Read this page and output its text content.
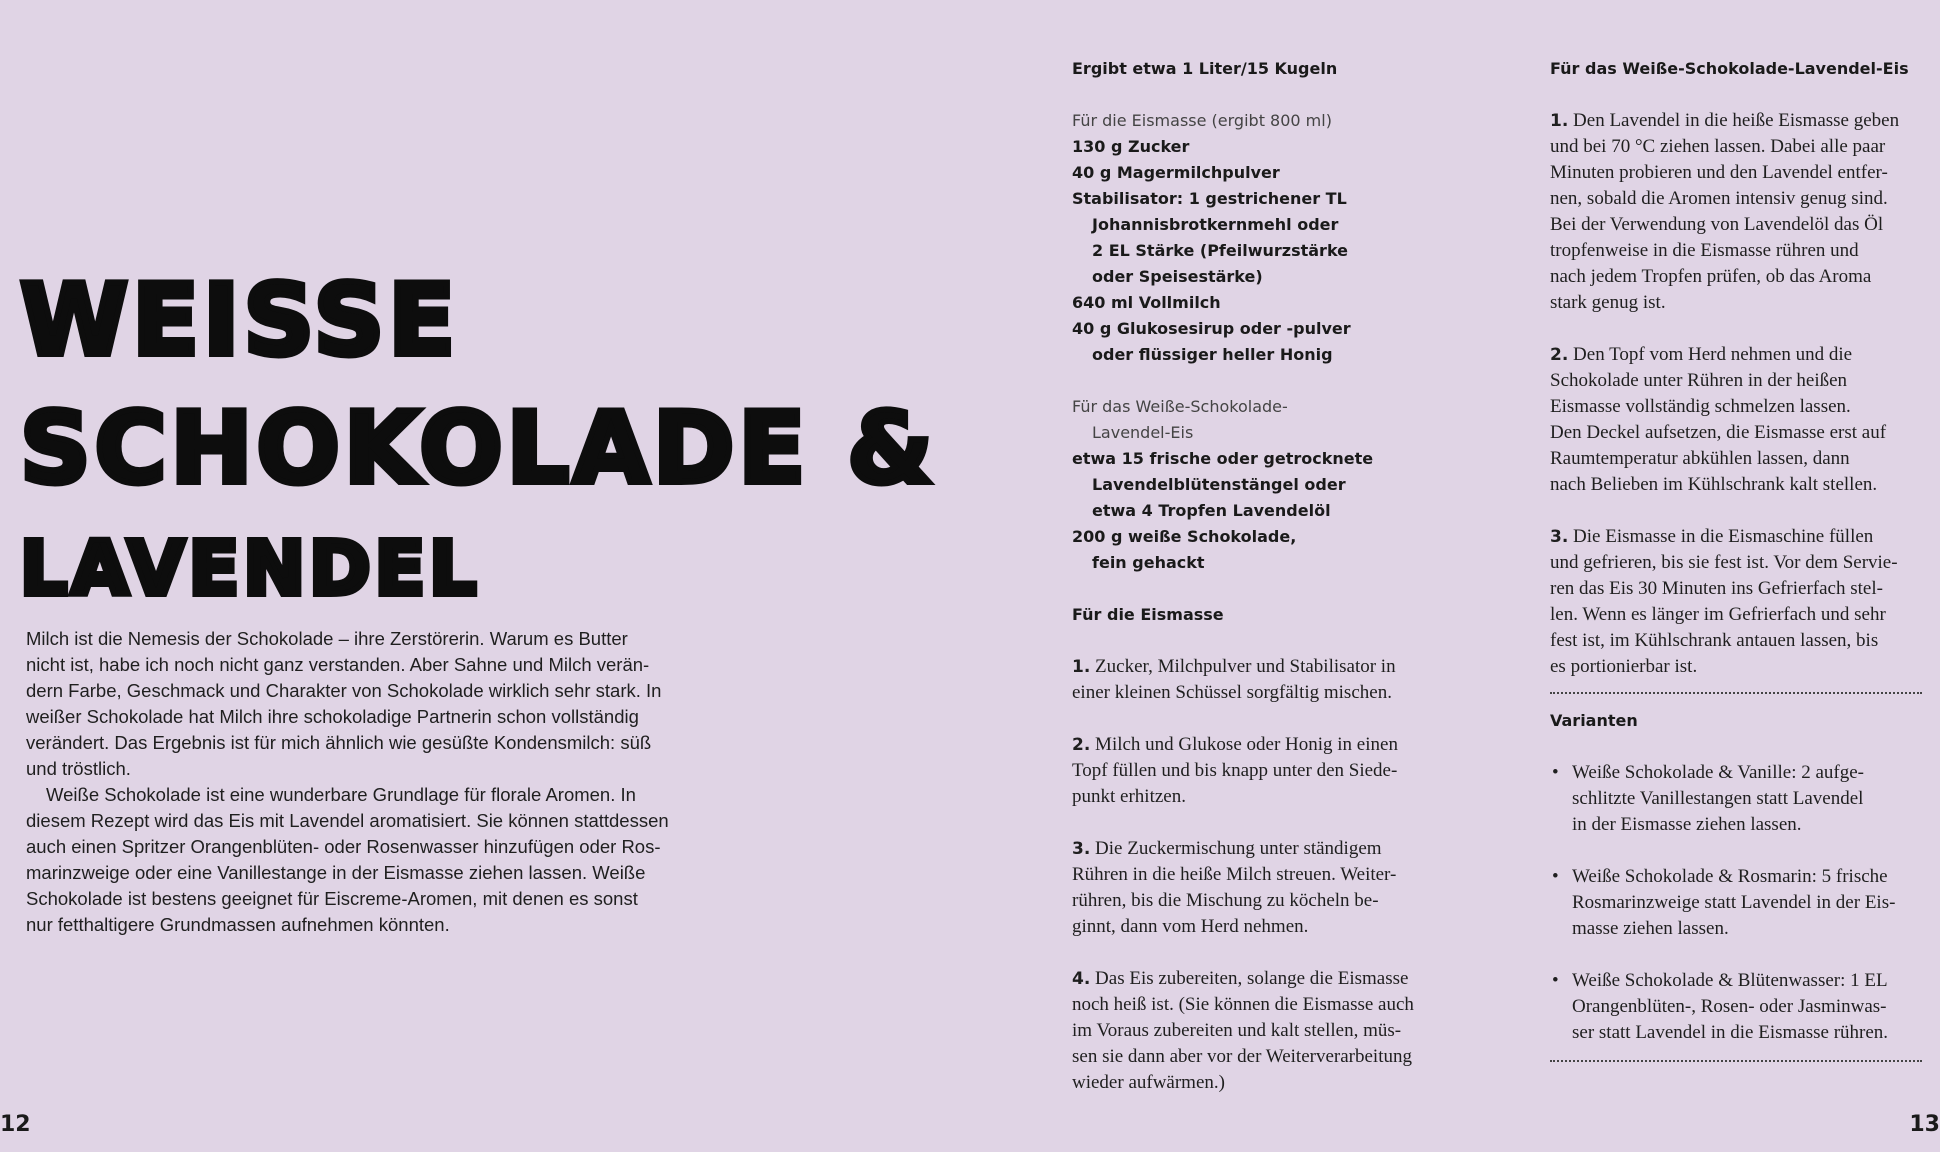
WEISSE
SCHOKOLADE &
LAVENDEL

Milch ist die Nemesis der Schokolade – ihre Zerstörerin. Warum es Butter
nicht ist, habe ich noch nicht ganz verstanden. Aber Sahne und Milch verän-
dern Farbe, Geschmack und Charakter von Schokolade wirklich sehr stark. In
weißer Schokolade hat Milch ihre schokoladige Partnerin schon vollständig
verändert. Das Ergebnis ist für mich ähnlich wie gesüßte Kondensmilch: süß
und tröstlich.

Weiße Schokolade ist eine wunderbare Grundlage für florale Aromen. In
diesem Rezept wird das Eis mit Lavendel aromatisiert. Sie können stattdessen
auch einen Spritzer Orangenblüten- oder Rosenwasser hinzufügen oder Ros-
marinzweige oder eine Vanillestange in der Eismasse ziehen lassen. Weiße
Schokolade ist bestens geeignet für Eiscreme-Aromen, mit denen es sonst
nur fetthaltigere Grundmassen aufnehmen könnten.

12
Ergibt etwa 1 Liter/15 Kugeln
Für die Eismasse (ergibt 800 ml)
130 g Zucker
40 g Magermilchpulver
Stabilisator: 1 gestrichener TL
Johannisbrotkernmehl oder
2 EL Stärke (Pfeilwurzstärke
oder Speisestärke)
640 ml Vollmilch
40 g Glukosesirup oder -pulver
oder flüssiger heller Honig
Für das Weiße-Schokolade-
Lavendel-Eis
etwa 15 frische oder getrocknete
Lavendelblütenstängel oder
etwa 4 Tropfen Lavendelöl
200 g weiße Schokolade,
fein gehackt
Für die Eismasse

1. Zucker, Milchpulver und Stabilisator in
einer kleinen Schüssel sorgfältig mischen.

2. Milch und Glukose oder Honig in einen
Topf füllen und bis knapp unter den Siede-
punkt erhitzen.

3. Die Zuckermischung unter ständigem
Rühren in die heiße Milch streuen. Weiter-
rühren, bis die Mischung zu köcheln be-
ginnt, dann vom Herd nehmen.

4. Das Eis zubereiten, solange die Eismasse
noch heiß ist. (Sie können die Eismasse auch
im Voraus zubereiten und kalt stellen, müs-
sen sie dann aber vor der Weiterverarbeitung
wieder aufwärmen.)

Für das Weiße-Schokolade-Lavendel-Eis

1. Den Lavendel in die heiße Eismasse geben
und bei 70 °C ziehen lassen. Dabei alle paar
Minuten probieren und den Lavendel entfer-
nen, sobald die Aromen intensiv genug sind.
Bei der Verwendung von Lavendelöl das Öl
tropfenweise in die Eismasse rühren und
nach jedem Tropfen prüfen, ob das Aroma
stark genug ist.

2. Den Topf vom Herd nehmen und die
Schokolade unter Rühren in der heißen
Eismasse vollständig schmelzen lassen.
Den Deckel aufsetzen, die Eismasse erst auf
Raumtemperatur abkühlen lassen, dann
nach Belieben im Kühlschrank kalt stellen.

3. Die Eismasse in die Eismaschine füllen
und gefrieren, bis sie fest ist. Vor dem Servie-
ren das Eis 30 Minuten ins Gefrierfach stel-
len. Wenn es länger im Gefrierfach und sehr
fest ist, im Kühlschrank antauen lassen, bis
es portionierbar ist.

Varianten
• Weiße Schokolade & Vanille: 2 aufge-
schlitzte Vanillestangen statt Lavendel
in der Eismasse ziehen lassen.
• Weiße Schokolade & Rosmarin: 5 frische
Rosmarinzweige statt Lavendel in der Eis-
masse ziehen lassen.
• Weiße Schokolade & Blütenwasser: 1 EL
Orangenblüten-, Rosen- oder Jasminwas-
ser statt Lavendel in die Eismasse rühren.
13
